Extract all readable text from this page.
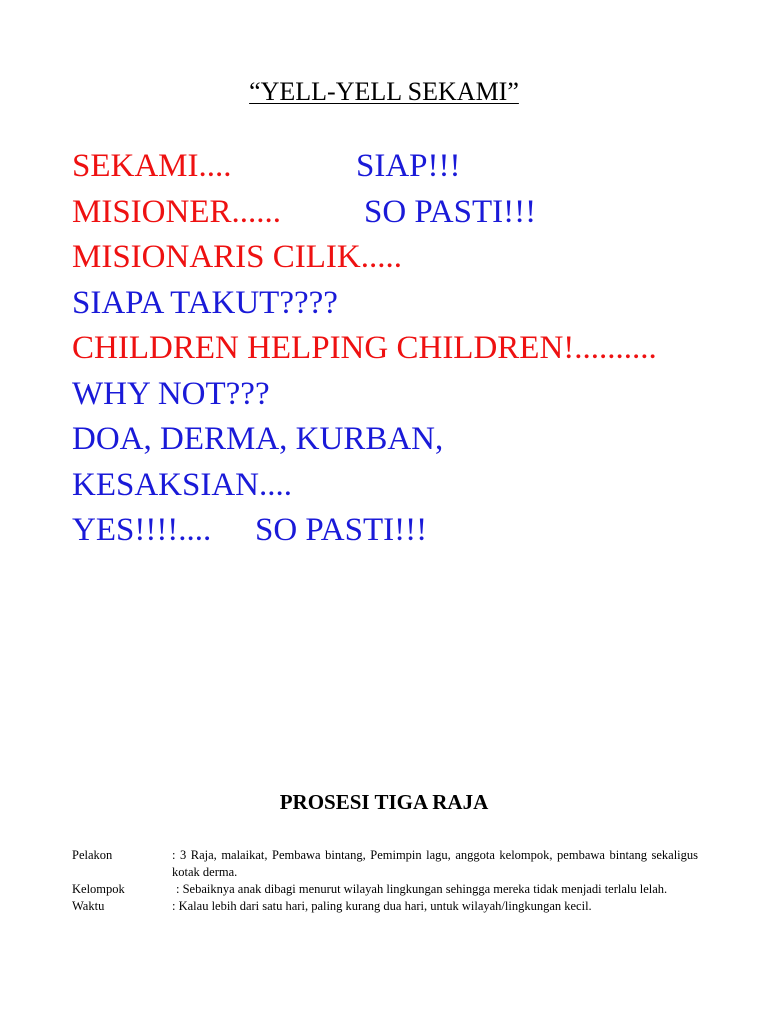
“YELL-YELL SEKAMI”
SEKAMI....	SIAP!!!
MISIONER......	SO PASTI!!!
MISIONARIS CILIK.....
SIAPA TAKUT????
CHILDREN HELPING CHILDREN!..........
WHY NOT???
DOA, DERMA, KURBAN,
KESAKSIAN....
YES!!!!.... SO PASTI!!!
PROSESI TIGA RAJA
Pelakon	: 3 Raja, malaikat, Pembawa bintang, Pemimpin lagu, anggota kelompok, pembawa bintang sekaligus kotak derma.
Kelompok	: Sebaiknya anak dibagi menurut wilayah lingkungan sehingga mereka tidak menjadi terlalu lelah.
Waktu	: Kalau lebih dari satu hari, paling kurang dua hari, untuk wilayah/lingkungan kecil.
